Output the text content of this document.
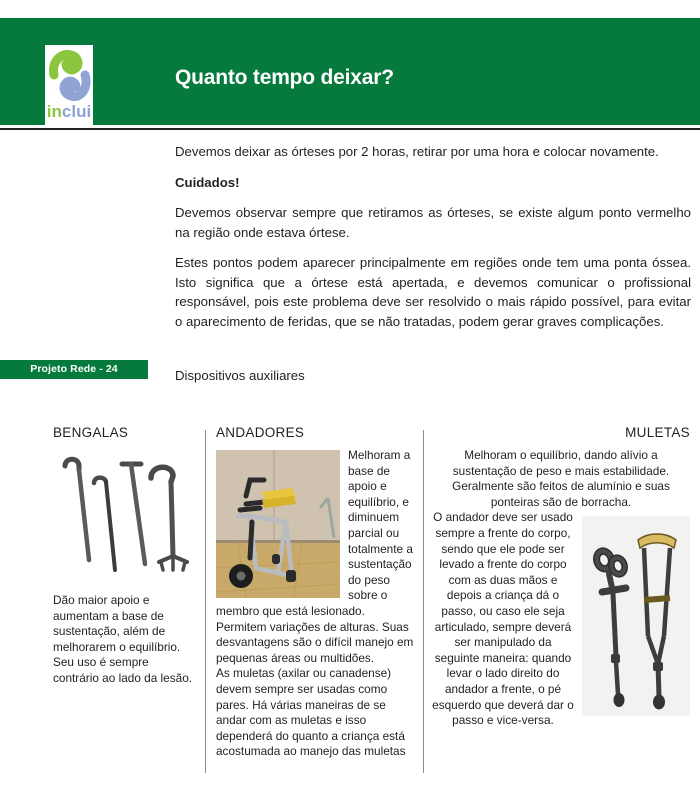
inclui
Quanto tempo deixar?

Devemos deixar as órteses por 2 horas, retirar por uma hora e colocar novamente.

Cuidados!

Devemos observar sempre que retiramos as órteses, se existe algum ponto vermelho na região onde estava órtese.

Estes pontos podem aparecer principalmente em regiões onde tem uma ponta óssea. Isto significa que a órtese está apertada, e devemos comunicar o profissional responsável, pois este problema deve ser resolvido o mais rápido possível, para evitar o aparecimento de feridas, que se não tratadas, podem gerar graves complicações.

Dispositivos auxiliares
Projeto Rede - 24
BENGALAS
Dão maior apoio e aumentam a base de sustentação, além de melhorarem o equilíbrio. Seu uso é sempre contrário ao lado da lesão.
ANDADORES

Melhoram a base de apoio e equilíbrio, e diminuem parcial ou totalmente a sustentação do peso sobre o

membro que está lesionado. Permitem variações de alturas. Suas desvantagens são o difícil manejo em pequenas áreas ou multidões.

As muletas (axilar ou canadense) devem sempre ser usadas como pares. Há várias maneiras de se andar com as muletas e isso dependerá do quanto a criança está acostumada ao manejo das muletas

MULETAS

Melhoram o equilíbrio, dando alívio a sustentação de peso e mais estabilidade. Geralmente são feitos de alumínio e suas ponteiras são de borracha.

O andador deve ser usado sempre a frente do corpo, sendo que ele pode ser levado a frente do corpo com as duas mãos e depois a criança dá o passo, ou caso ele seja articulado, sempre deverá ser manipulado da seguinte maneira: quando levar o lado direito do andador a frente, o pé esquerdo que deverá dar o passo e vice-versa.
